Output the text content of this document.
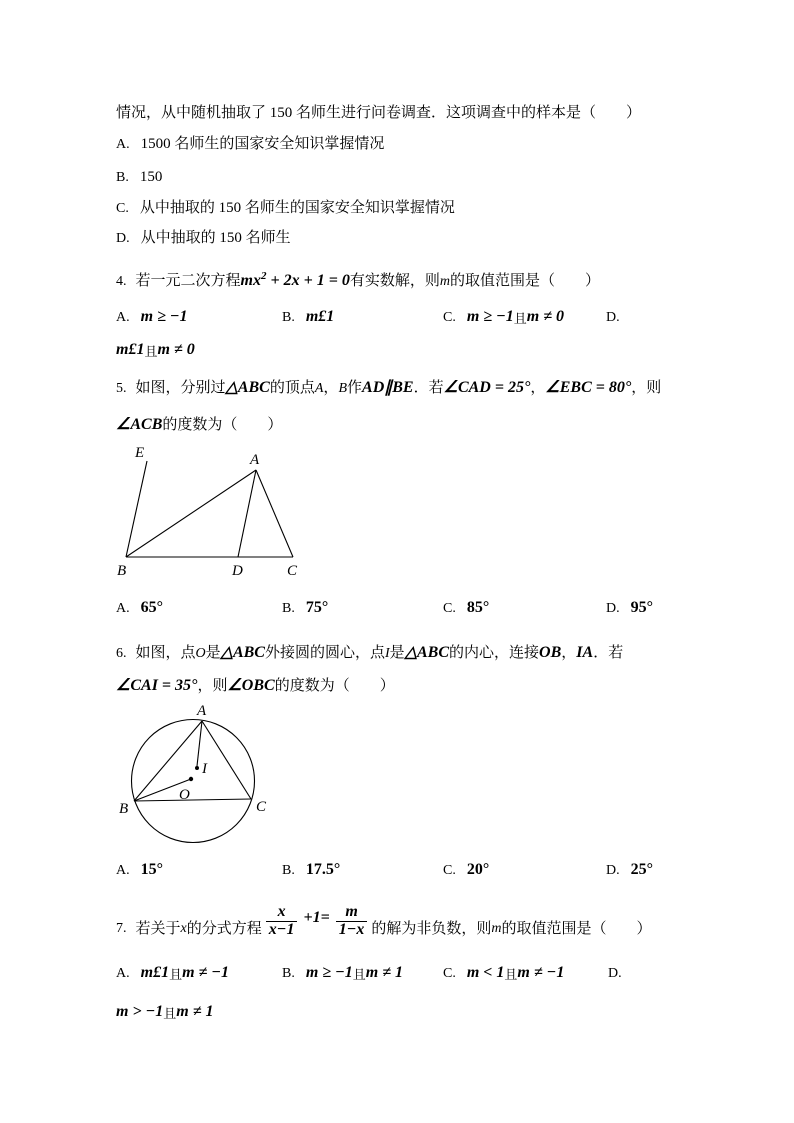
情况，从中随机抽取了 150 名师生进行问卷调查．这项调查中的样本是（　　）
A. 1500 名师生的国家安全知识掌握情况
B. 150
C. 从中抽取的 150 名师生的国家安全知识掌握情况
D. 从中抽取的 150 名师生
4. 若一元二次方程$mx^2 + 2x + 1 = 0$有实数解，则m的取值范围是（　　）
A. m ≥ −1	B. m£1	C. m ≥ −1且m ≠ 0	D.
m£1且m ≠ 0
5. 如图，分别过△ABC的顶点A，B作AD∥BE．若∠CAD = 25°，∠EBC = 80°，则
∠ACB的度数为（　　）
E	A
B	D	C
A. 65°	B. 75°	C. 85°	D. 95°
6. 如图，点O是△ABC外接圆的圆心，点I是△ABC的内心，连接OB，IA．若
∠CAI = 35°，则∠OBC的度数为（　　）
A
B	C
O
I
A. 15°	B. 17.5°	C. 20°	D. 25°
7. 若关于 x 的分式方程 $\frac{x}{x-1} +1= \frac{m}{1-x}$ 的解为非负数，则 m 的取值范围是（　　）
A. m£1且m ≠ −1	B. m ≥ −1且m ≠ 1	C. m < 1且m ≠ −1	D.
m > −1且m ≠ 1
